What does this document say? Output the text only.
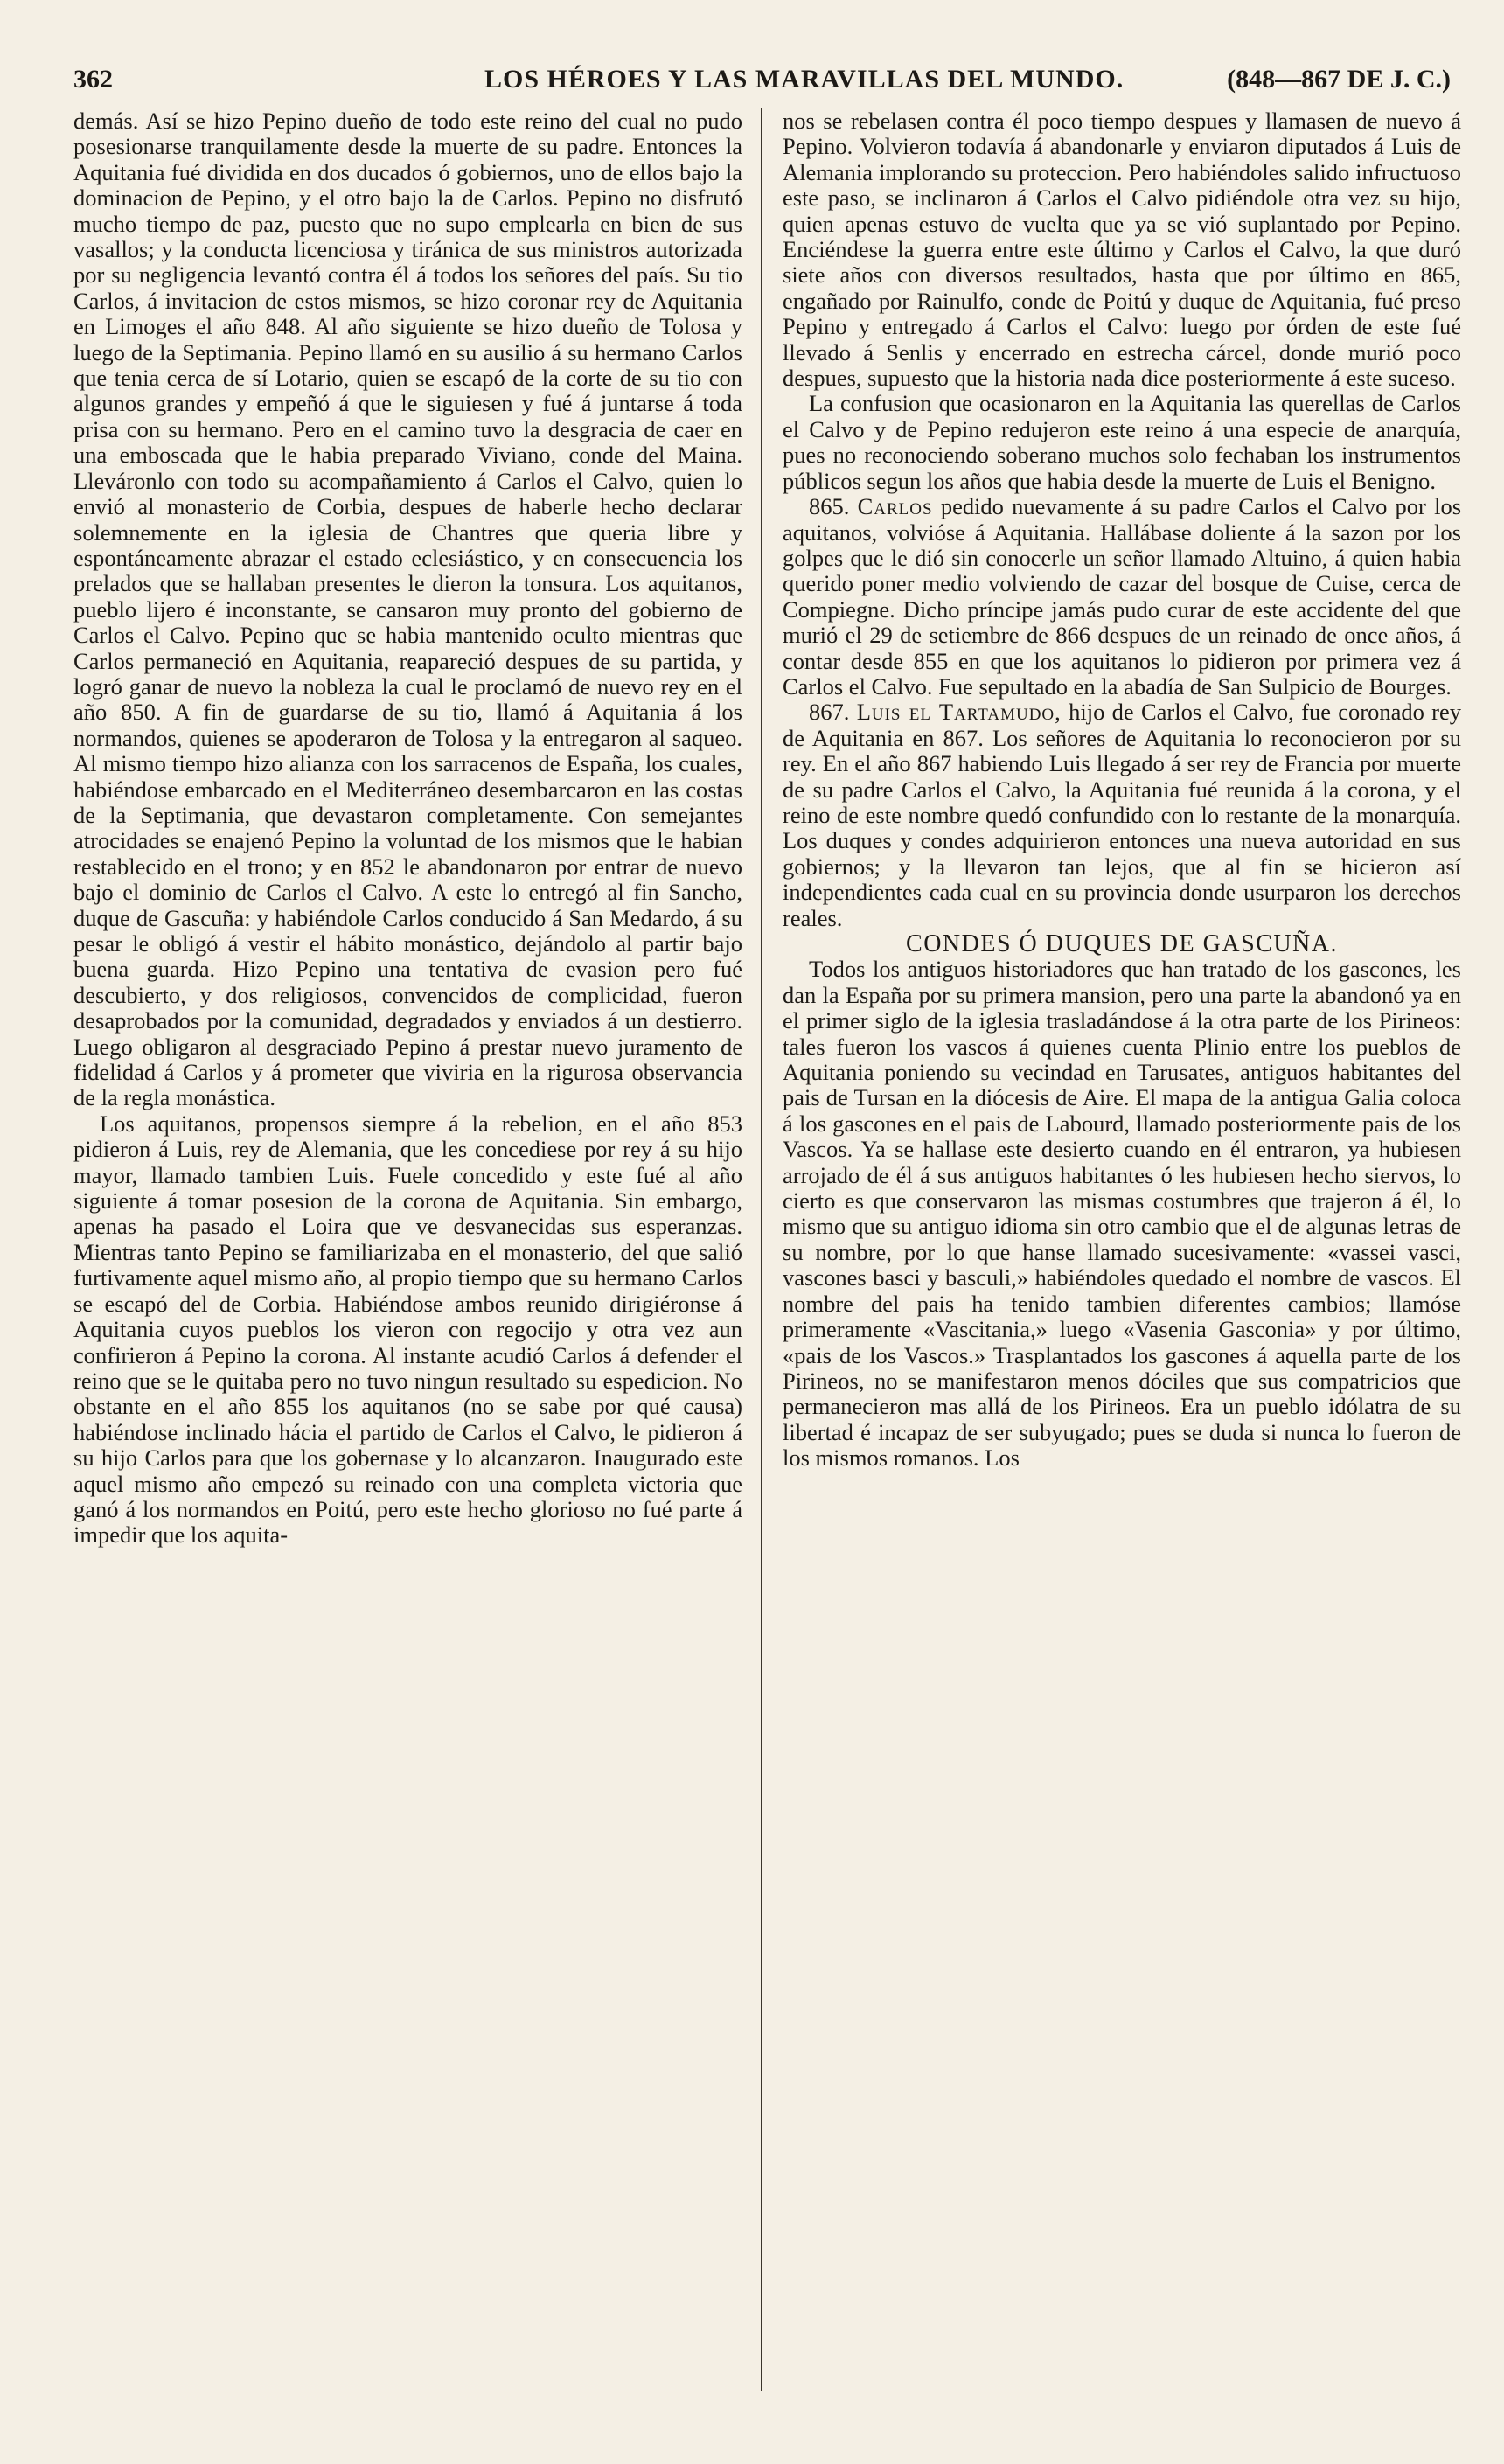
362	LOS HÉROES Y LAS MARAVILLAS DEL MUNDO.	(848—867 DE J. C.)

demás. Así se hizo Pepino dueño de todo este reino del cual no pudo posesionarse tranquilamente desde la muerte de su padre. Entonces la Aquitania fué dividida en dos ducados ó gobiernos, uno de ellos bajo la dominacion de Pepino, y el otro bajo la de Carlos. Pepino no disfrutó mucho tiempo de paz, puesto que no supo emplearla en bien de sus vasallos; y la conducta licenciosa y tiránica de sus ministros autorizada por su negligencia levantó contra él á todos los señores del país. Su tio Carlos, á invitacion de estos mismos, se hizo coronar rey de Aquitania en Limoges el año 848. Al año siguiente se hizo dueño de Tolosa y luego de la Septimania. Pepino llamó en su ausilio á su hermano Carlos que tenia cerca de sí Lotario, quien se escapó de la corte de su tio con algunos grandes y empeñó á que le siguiesen y fué á juntarse á toda prisa con su hermano. Pero en el camino tuvo la desgracia de caer en una emboscada que le habia preparado Viviano, conde del Maina. Lleváronlo con todo su acompañamiento á Carlos el Calvo, quien lo envió al monasterio de Corbia, despues de haberle hecho declarar solemnemente en la iglesia de Chantres que queria libre y espontáneamente abrazar el estado eclesiástico, y en consecuencia los prelados que se hallaban presentes le dieron la tonsura. Los aquitanos, pueblo lijero é inconstante, se cansaron muy pronto del gobierno de Carlos el Calvo. Pepino que se habia mantenido oculto mientras que Carlos permaneció en Aquitania, reapareció despues de su partida, y logró ganar de nuevo la nobleza la cual le proclamó de nuevo rey en el año 850. A fin de guardarse de su tio, llamó á Aquitania á los normandos, quienes se apoderaron de Tolosa y la entregaron al saqueo. Al mismo tiempo hizo alianza con los sarracenos de España, los cuales, habiéndose embarcado en el Mediterráneo desembarcaron en las costas de la Septimania, que devastaron completamente. Con semejantes atrocidades se enajenó Pepino la voluntad de los mismos que le habian restablecido en el trono; y en 852 le abandonaron por entrar de nuevo bajo el dominio de Carlos el Calvo. A este lo entregó al fin Sancho, duque de Gascuña: y habiéndole Carlos conducido á San Medardo, á su pesar le obligó á vestir el hábito monástico, dejándolo al partir bajo buena guarda. Hizo Pepino una tentativa de evasion pero fué descubierto, y dos religiosos, convencidos de complicidad, fueron desaprobados por la comunidad, degradados y enviados á un destierro. Luego obligaron al desgraciado Pepino á prestar nuevo juramento de fidelidad á Carlos y á prometer que viviria en la rigurosa observancia de la regla monástica.

Los aquitanos, propensos siempre á la rebelion, en el año 853 pidieron á Luis, rey de Alemania, que les concediese por rey á su hijo mayor, llamado tambien Luis. Fuele concedido y este fué al año siguiente á tomar posesion de la corona de Aquitania. Sin embargo, apenas ha pasado el Loira que ve desvanecidas sus esperanzas. Mientras tanto Pepino se familiarizaba en el monasterio, del que salió furtivamente aquel mismo año, al propio tiempo que su hermano Carlos se escapó del de Corbia. Habiéndose ambos reunido dirigiéronse á Aquitania cuyos pueblos los vieron con regocijo y otra vez aun confirieron á Pepino la corona. Al instante acudió Carlos á defender el reino que se le quitaba pero no tuvo ningun resultado su espedicion. No obstante en el año 855 los aquitanos (no se sabe por qué causa) habiéndose inclinado hácia el partido de Carlos el Calvo, le pidieron á su hijo Carlos para que los gobernase y lo alcanzaron. Inaugurado este aquel mismo año empezó su reinado con una completa victoria que ganó á los normandos en Poitú, pero este hecho glorioso no fué parte á impedir que los aquita-

nos se rebelasen contra él poco tiempo despues y llamasen de nuevo á Pepino. Volvieron todavía á abandonarle y enviaron diputados á Luis de Alemania implorando su proteccion. Pero habiéndoles salido infructuoso este paso, se inclinaron á Carlos el Calvo pidiéndole otra vez su hijo, quien apenas estuvo de vuelta que ya se vió suplantado por Pepino. Enciéndese la guerra entre este último y Carlos el Calvo, la que duró siete años con diversos resultados, hasta que por último en 865, engañado por Rainulfo, conde de Poitú y duque de Aquitania, fué preso Pepino y entregado á Carlos el Calvo: luego por órden de este fué llevado á Senlis y encerrado en estrecha cárcel, donde murió poco despues, supuesto que la historia nada dice posteriormente á este suceso.

La confusion que ocasionaron en la Aquitania las querellas de Carlos el Calvo y de Pepino redujeron este reino á una especie de anarquía, pues no reconociendo soberano muchos solo fechaban los instrumentos públicos segun los años que habia desde la muerte de Luis el Benigno.

865. Carlos pedido nuevamente á su padre Carlos el Calvo por los aquitanos, volvióse á Aquitania. Hallábase doliente á la sazon por los golpes que le dió sin conocerle un señor llamado Altuino, á quien habia querido poner medio volviendo de cazar del bosque de Cuise, cerca de Compiegne. Dicho príncipe jamás pudo curar de este accidente del que murió el 29 de setiembre de 866 despues de un reinado de once años, á contar desde 855 en que los aquitanos lo pidieron por primera vez á Carlos el Calvo. Fue sepultado en la abadía de San Sulpicio de Bourges.

867. Luis el Tartamudo, hijo de Carlos el Calvo, fue coronado rey de Aquitania en 867. Los señores de Aquitania lo reconocieron por su rey. En el año 867 habiendo Luis llegado á ser rey de Francia por muerte de su padre Carlos el Calvo, la Aquitania fué reunida á la corona, y el reino de este nombre quedó confundido con lo restante de la monarquía. Los duques y condes adquirieron entonces una nueva autoridad en sus gobiernos; y la llevaron tan lejos, que al fin se hicieron así independientes cada cual en su provincia donde usurparon los derechos reales.

CONDES Ó DUQUES DE GASCUÑA.

Todos los antiguos historiadores que han tratado de los gascones, les dan la España por su primera mansion, pero una parte la abandonó ya en el primer siglo de la iglesia trasladándose á la otra parte de los Pirineos: tales fueron los vascos á quienes cuenta Plinio entre los pueblos de Aquitania poniendo su vecindad en Tarusates, antiguos habitantes del pais de Tursan en la diócesis de Aire. El mapa de la antigua Galia coloca á los gascones en el pais de Labourd, llamado posteriormente pais de los Vascos. Ya se hallase este desierto cuando en él entraron, ya hubiesen arrojado de él á sus antiguos habitantes ó les hubiesen hecho siervos, lo cierto es que conservaron las mismas costumbres que trajeron á él, lo mismo que su antiguo idioma sin otro cambio que el de algunas letras de su nombre, por lo que hanse llamado sucesivamente: «vassei vasci, vascones basci y basculi,» habiéndoles quedado el nombre de vascos. El nombre del pais ha tenido tambien diferentes cambios; llamóse primeramente «Vascitania,» luego «Vasenia Gasconia» y por último, «pais de los Vascos.» Trasplantados los gascones á aquella parte de los Pirineos, no se manifestaron menos dóciles que sus compatricios que permanecieron mas allá de los Pirineos. Era un pueblo idólatra de su libertad é incapaz de ser subyugado; pues se duda si nunca lo fueron de los mismos romanos. Los
